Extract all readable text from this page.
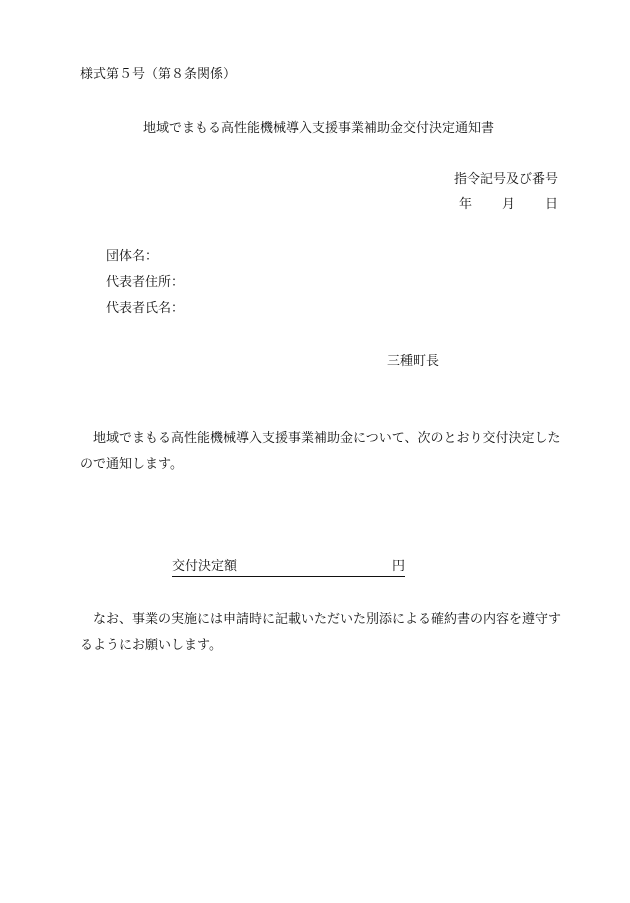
様式第５号（第８条関係）
地域でまもる高性能機械導入支援事業補助金交付決定通知書
指令記号及び番号
年 月 日
団体名：
代表者住所：
代表者氏名：
三種町長
　地域でまもる高性能機械導入支援事業補助金について、次のとおり交付決定したので通知します。
交付決定額	円
　なお、事業の実施には申請時に記載いただいた別添による確約書の内容を遵守するようにお願いします。
